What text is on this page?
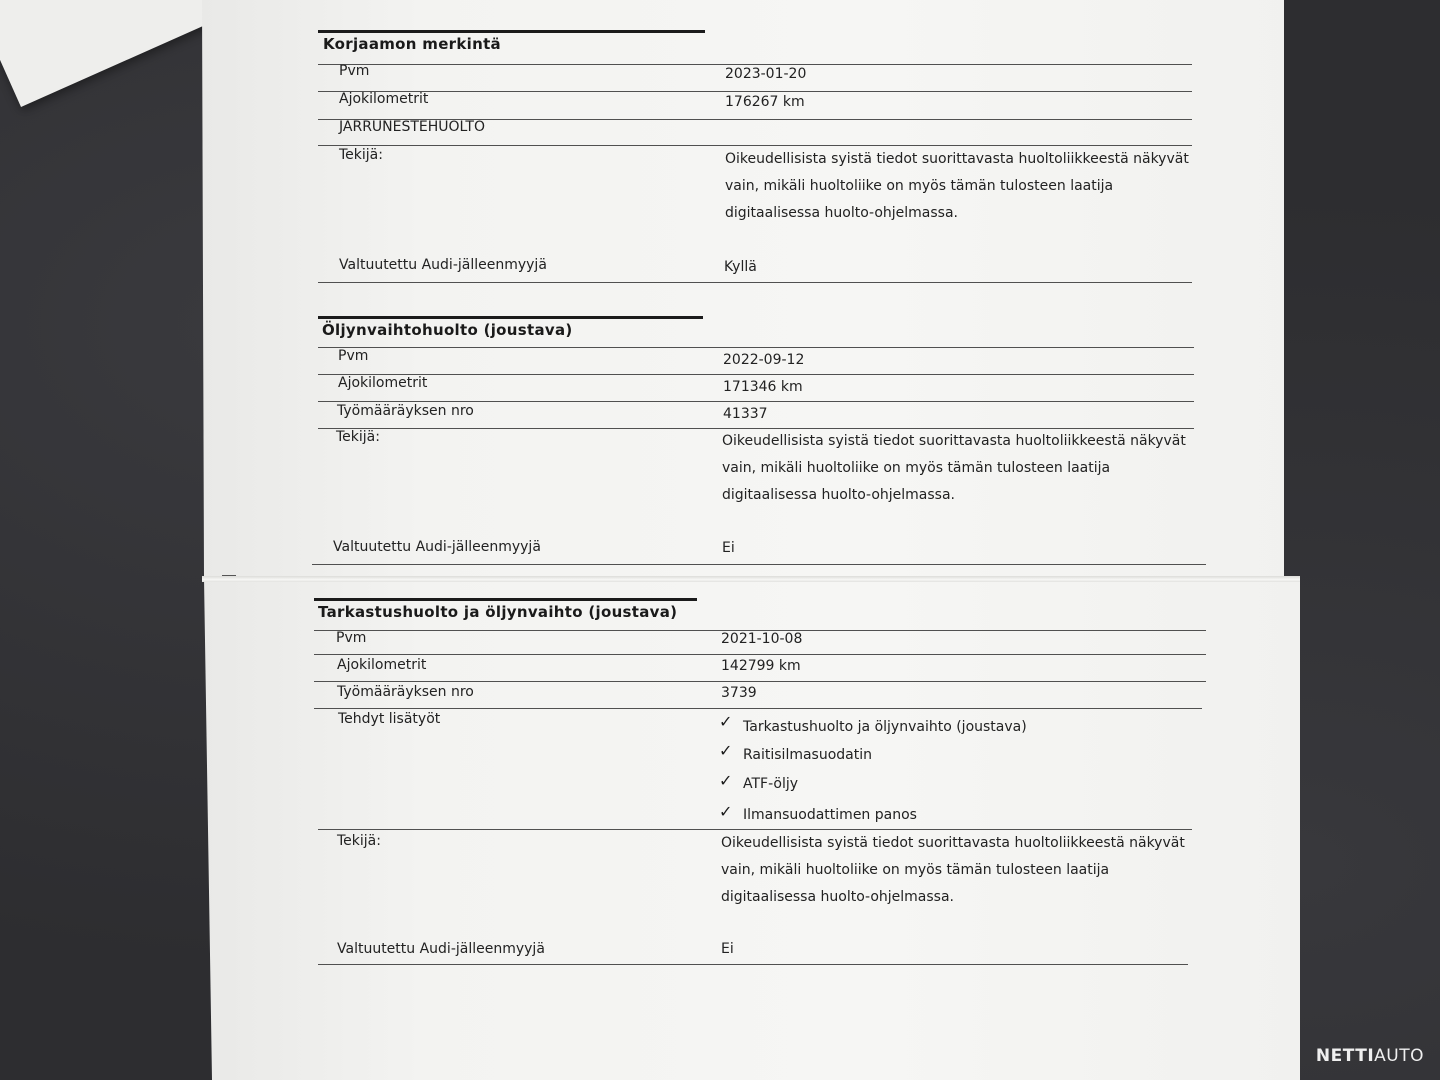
Korjaamon merkintä
Pvm	2023-01-20
Ajokilometrit	176267 km
JARRUNESTEHUOLTO
Tekijä:	Oikeudellisista syistä tiedot suorittavasta huoltoliikkeestä näkyvät
vain, mikäli huoltoliike on myös tämän tulosteen laatija
digitaalisessa huolto-ohjelmassa.
Valtuutettu Audi-jälleenmyyjä	Kyllä
Öljynvaihtohuolto (joustava)
Pvm	2022-09-12
Ajokilometrit	171346 km
Työmääräyksen nro	41337
Tekijä:	Oikeudellisista syistä tiedot suorittavasta huoltoliikkeestä näkyvät
vain, mikäli huoltoliike on myös tämän tulosteen laatija
digitaalisessa huolto-ohjelmassa.
Valtuutettu Audi-jälleenmyyjä	Ei
Tarkastushuolto ja öljynvaihto (joustava)
Pvm	2021-10-08
Ajokilometrit	142799 km
Työmääräyksen nro	3739
Tehdyt lisätyöt	✓ Tarkastushuolto ja öljynvaihto (joustava)
✓ Raitisilmasuodatin
✓ ATF-öljy
✓ Ilmansuodattimen panos
Tekijä:	Oikeudellisista syistä tiedot suorittavasta huoltoliikkeestä näkyvät
vain, mikäli huoltoliike on myös tämän tulosteen laatija
digitaalisessa huolto-ohjelmassa.
Valtuutettu Audi-jälleenmyyjä	Ei
NETTIAUTO
